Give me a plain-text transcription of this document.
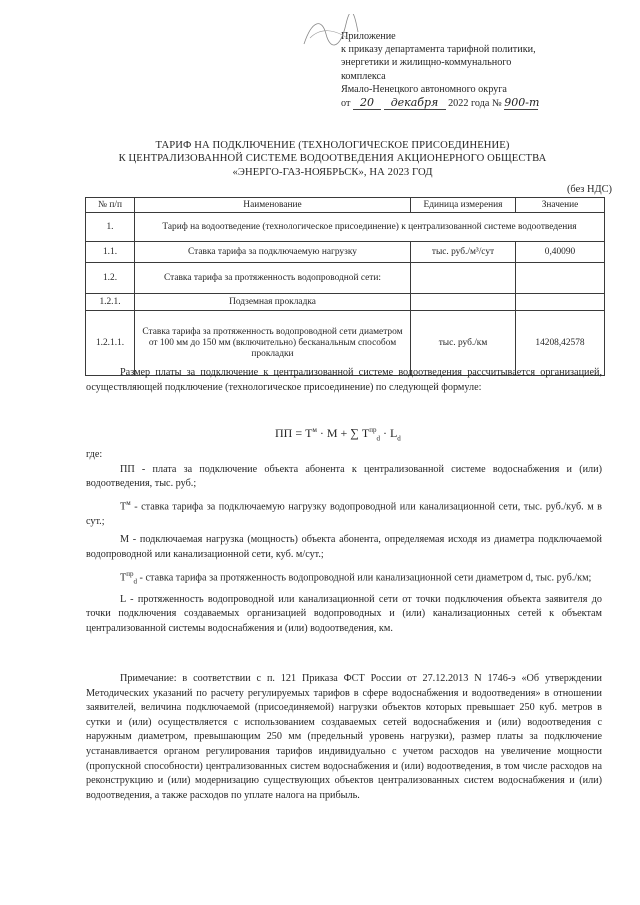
Приложение
к приказу департамента тарифной политики,
энергетики и жилищно-коммунального
комплекса
Ямало-Ненецкого автономного округа
от 20 декабря 2022 года № 900-т
ТАРИФ НА ПОДКЛЮЧЕНИЕ (ТЕХНОЛОГИЧЕСКОЕ ПРИСОЕДИНЕНИЕ)
К ЦЕНТРАЛИЗОВАННОЙ СИСТЕМЕ ВОДООТВЕДЕНИЯ АКЦИОНЕРНОГО ОБЩЕСТВА
«ЭНЕРГО-ГАЗ-НОЯБРЬСК», НА 2023 ГОД
(без НДС)
№ п/п	Наименование	Единица измерения	Значение
1.	Тариф на водоотведение (технологическое присоединение) к централизованной системе водоотведения		
1.1.	Ставка тарифа за подключаемую нагрузку	тыс. руб./м³/сут	0,40090
1.2.	Ставка тарифа за протяженность водопроводной сети:		
1.2.1.	Подземная прокладка		
1.2.1.1.	Ставка тарифа за протяженность водопроводной сети диаметром от 100 мм до 150 мм (включительно) бесканальным способом прокладки	тыс. руб./км	14208,42578

Размер платы за подключение к централизованной системе водоотведения рассчитывается организацией, осуществляющей подключение (технологическое присоединение) по следующей формуле:

ПП = $Т^м \cdot М$ + ∑ $Т^{пр}_d \cdot L_d$

где:

ПП - плата за подключение объекта абонента к централизованной системе водоснабжения и (или) водоотведения, тыс. руб.;

$Т^м$ - ставка тарифа за подключаемую нагрузку водопроводной или канализационной сети, тыс. руб./куб. м в сут.;

М - подключаемая нагрузка (мощность) объекта абонента, определяемая исходя из диаметра подключаемой водопроводной или канализационной сети, куб. м/сут.;

$Т^{пр}_d$ - ставка тарифа за протяженность водопроводной или канализационной сети диаметром d, тыс. руб./км;

L - протяженность водопроводной или канализационной сети от точки подключения объекта заявителя до точки подключения создаваемых организацией водопроводных и (или) канализационных сетей к объектам централизованной системы водоснабжения и (или) водоотведения, км.

Примечание: в соответствии с п. 121 Приказа ФСТ России от 27.12.2013 N 1746-э «Об утверждении Методических указаний по расчету регулируемых тарифов в сфере водоснабжения и водоотведения» в отношении заявителей, величина подключаемой (присоединяемой) нагрузки объектов которых превышает 250 куб. метров в сутки и (или) осуществляется с использованием создаваемых сетей водоснабжения и (или) водоотведения с наружным диаметром, превышающим 250 мм (предельный уровень нагрузки), размер платы за подключение устанавливается органом регулирования тарифов индивидуально с учетом расходов на увеличение мощности (пропускной способности) централизованных систем водоснабжения и (или) водоотведения, в том числе расходов на реконструкцию и (или) модернизацию существующих объектов централизованных систем водоснабжения и (или) водоотведения, а также расходов по уплате налога на прибыль.
